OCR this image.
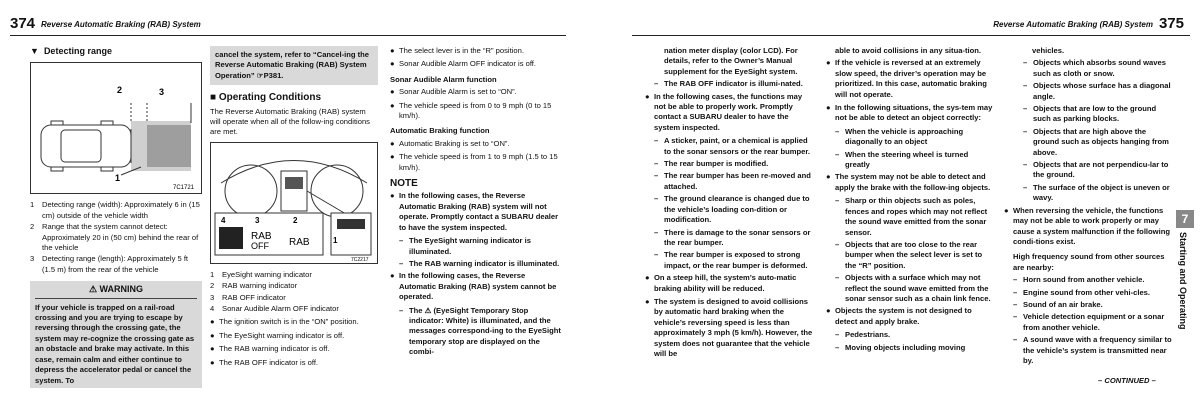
374 Reverse Automatic Braking (RAB) System	Reverse Automatic Braking (RAB) System 375
▼ Detecting range
2	3
1
7C1721
1	Detecting range (width): Approximately 6 in (15 cm) outside of the vehicle width
2	Range that the system cannot detect: Approximately 20 in (50 cm) behind the rear of the vehicle
3	Detecting range (length): Approximately 5 ft (1.5 m) from the rear of the vehicle
⚠ WARNING
If your vehicle is trapped on a rail-road crossing and you are trying to escape by reversing through the crossing gate, the system may re-cognize the crossing gate as an obstacle and brake may activate. In this case, remain calm and either continue to depress the accelerator pedal or cancel the system. To
cancel the system, refer to “Cancel-ing the Reverse Automatic Braking (RAB) System Operation” ☞P381.
■ Operating Conditions
The Reverse Automatic Braking (RAB) system will operate when all of the follow-ing conditions are met.
4	3	2
RAB
OFF RAB	1
7C2217
1	EyeSight warning indicator
2	RAB warning indicator
3	RAB OFF indicator
4	Sonar Audible Alarm OFF indicator
● The ignition switch is in the “ON” position.
● The EyeSight warning indicator is off.
● The RAB warning indicator is off.
● The RAB OFF indicator is off.
● The select lever is in the “R” position.
● Sonar Audible Alarm OFF indicator is off.
Sonar Audible Alarm function
● Sonar Audible Alarm is set to “ON”.
● The vehicle speed is from 0 to 9 mph (0 to 15 km/h).
Automatic Braking function
● Automatic Braking is set to “ON”.
● The vehicle speed is from 1 to 9 mph (1.5 to 15 km/h).
NOTE
● In the following cases, the Reverse Automatic Braking (RAB) system will not operate. Promptly contact a SUBARU dealer to have the system inspected.
– The EyeSight warning indicator is illuminated.
– The RAB warning indicator is illuminated.
● In the following cases, the Reverse Automatic Braking (RAB) system cannot be operated.
– The ⚠ (EyeSight Temporary Stop indicator: White) is illuminated, and the messages correspond-ing to the EyeSight temporary stop are displayed on the combi-
nation meter display (color LCD). For details, refer to the Owner’s Manual supplement for the EyeSight system.
– The RAB OFF indicator is illumi-nated.
● In the following cases, the functions may not be able to properly work. Promptly contact a SUBARU dealer to have the system inspected.
– A sticker, paint, or a chemical is applied to the sonar sensors or the rear bumper.
– The rear bumper is modified.
– The rear bumper has been re-moved and attached.
– The ground clearance is changed due to the vehicle’s loading con-dition or modification.
– There is damage to the sonar sensors or the rear bumper.
– The rear bumper is exposed to strong impact, or the rear bumper is deformed.
● On a steep hill, the system’s auto-matic braking ability will be reduced.
● The system is designed to avoid collisions by automatic hard braking when the vehicle’s reversing speed is less than approximately 3 mph (5 km/h). However, the system does not guarantee that the vehicle will be
able to avoid collisions in any situa-tion.
● If the vehicle is reversed at an extremely slow speed, the driver’s operation may be prioritized. In this case, automatic braking will not operate.
● In the following situations, the sys-tem may not be able to detect an object correctly:
– When the vehicle is approaching diagonally to an object
– When the steering wheel is turned greatly
● The system may not be able to detect and apply the brake with the follow-ing objects.
– Sharp or thin objects such as poles, fences and ropes which may not reflect the sound wave emitted from the sonar sensor.
– Objects that are too close to the rear bumper when the select lever is set to the “R” position.
– Objects with a surface which may not reflect the sound wave emitted from the sonar sensor such as a chain link fence.
● Objects the system is not designed to detect and apply brake.
– Pedestrians.
– Moving objects including moving
vehicles.
– Objects which absorbs sound waves such as cloth or snow.
– Objects whose surface has a diagonal angle.
– Objects that are low to the ground such as parking blocks.
– Objects that are high above the ground such as objects hanging from above.
– Objects that are not perpendicu-lar to the ground.
– The surface of the object is uneven or wavy.
● When reversing the vehicle, the functions may not be able to work properly or may cause a system malfunction if the following condi-tions exist.
High frequency sound from other sources are nearby:
– Horn sound from another vehicle.
– Engine sound from other vehi-cles.
– Sound of an air brake.
– Vehicle detection equipment or a sonar from another vehicle.
– A sound wave with a frequency similar to the vehicle’s system is transmitted near by.
7
Starting and Operating
– CONTINUED –
